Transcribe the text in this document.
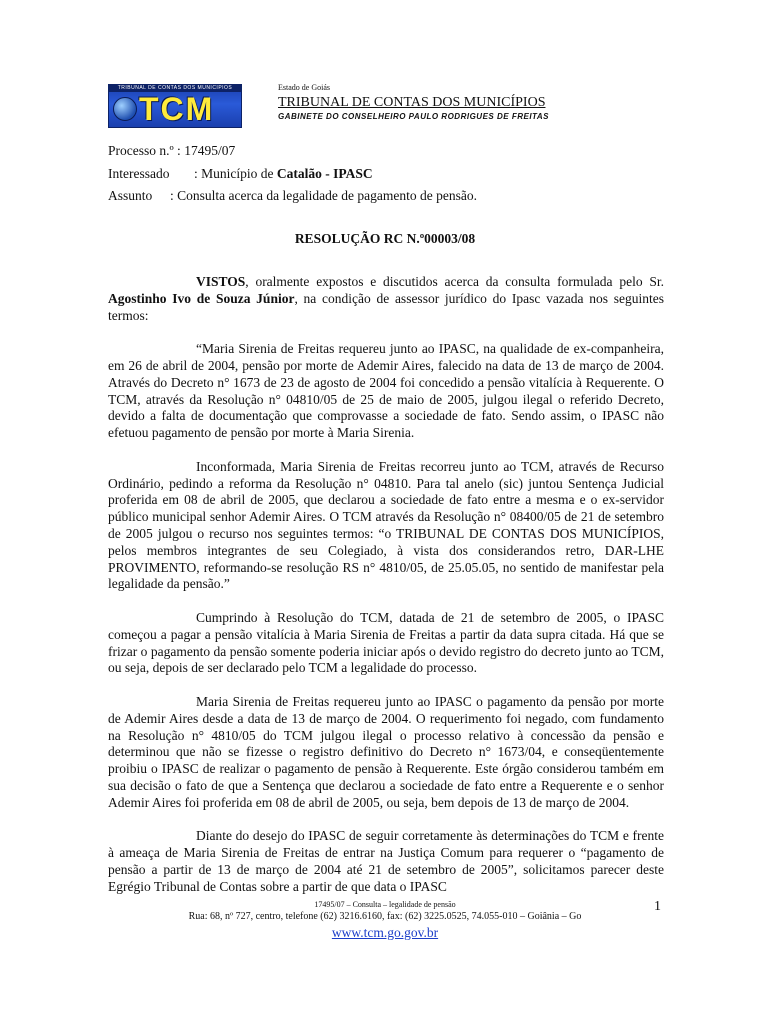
TRIBUNAL DE CONTAS DOS MUNICÍPIOS
TCM
Estado de Goiás
TRIBUNAL DE CONTAS DOS MUNICÍPIOS
GABINETE DO CONSELHEIRO PAULO RODRIGUES DE FREITAS
Processo n.º : 17495/07
Interessado : Município de Catalão - IPASC
Assunto : Consulta acerca da legalidade de pagamento de pensão.
RESOLUÇÃO RC N.º00003/08

VISTOS, oralmente expostos e discutidos acerca da consulta formulada pelo Sr. Agostinho Ivo de Souza Júnior, na condição de assessor jurídico do Ipasc vazada nos seguintes termos:

“Maria Sirenia de Freitas requereu junto ao IPASC, na qualidade de ex-companheira, em 26 de abril de 2004, pensão por morte de Ademir Aires, falecido na data de 13 de março de 2004. Através do Decreto n° 1673 de 23 de agosto de 2004 foi concedido a pensão vitalícia à Requerente. O TCM, através da Resolução n° 04810/05 de 25 de maio de 2005, julgou ilegal o referido Decreto, devido a falta de documentação que comprovasse a sociedade de fato. Sendo assim, o IPASC não efetuou pagamento de pensão por morte à Maria Sirenia.

Inconformada, Maria Sirenia de Freitas recorreu junto ao TCM, através de Recurso Ordinário, pedindo a reforma da Resolução n° 04810. Para tal anelo (sic) juntou Sentença Judicial proferida em 08 de abril de 2005, que declarou a sociedade de fato entre a mesma e o ex-servidor público municipal senhor Ademir Aires. O TCM através da Resolução n° 08400/05 de 21 de setembro de 2005 julgou o recurso nos seguintes termos: “o TRIBUNAL DE CONTAS DOS MUNICÍPIOS, pelos membros integrantes de seu Colegiado, à vista dos considerandos retro, DAR-LHE PROVIMENTO, reformando-se resolução RS n° 4810/05, de 25.05.05, no sentido de manifestar pela legalidade da pensão.”

Cumprindo à Resolução do TCM, datada de 21 de setembro de 2005, o IPASC começou a pagar a pensão vitalícia à Maria Sirenia de Freitas a partir da data supra citada. Há que se frizar o pagamento da pensão somente poderia iniciar após o devido registro do decreto junto ao TCM, ou seja, depois de ser declarado pelo TCM a legalidade do processo.

Maria Sirenia de Freitas requereu junto ao IPASC o pagamento da pensão por morte de Ademir Aires desde a data de 13 de março de 2004. O requerimento foi negado, com fundamento na Resolução n° 4810/05 do TCM julgou ilegal o processo relativo à concessão da pensão e determinou que não se fizesse o registro definitivo do Decreto n° 1673/04, e conseqüentemente proibiu o IPASC de realizar o pagamento de pensão à Requerente. Este órgão considerou também em sua decisão o fato de que a Sentença que declarou a sociedade de fato entre a Requerente e o senhor Ademir Aires foi proferida em 08 de abril de 2005, ou seja, bem depois de 13 de março de 2004.

Diante do desejo do IPASC de seguir corretamente às determinações do TCM e frente à ameaça de Maria Sirenia de Freitas de entrar na Justiça Comum para requerer o “pagamento de pensão a partir de 13 de março de 2004 até 21 de setembro de 2005”, solicitamos parecer deste Egrégio Tribunal de Contas sobre a partir de que data o IPASC

17495/07 – Consulta – legalidade de pensão	1
Rua: 68, nº 727, centro, telefone (62) 3216.6160, fax: (62) 3225.0525, 74.055-010 – Goiânia – Go
www.tcm.go.gov.br
